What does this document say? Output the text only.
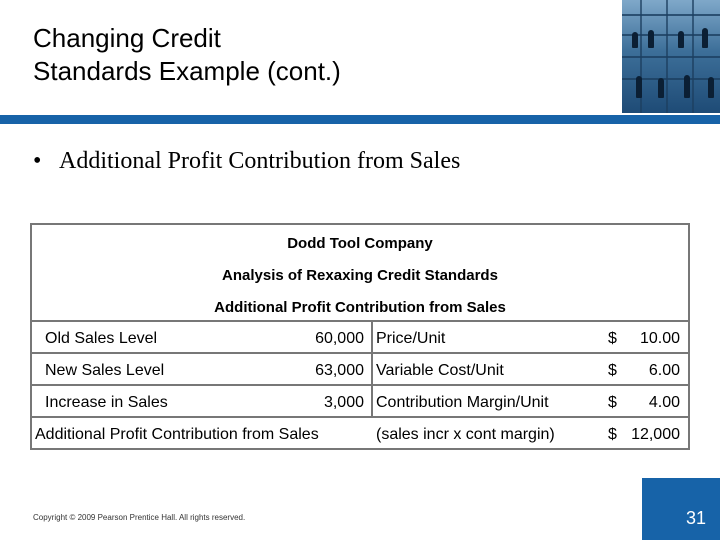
Changing Credit
Standards Example (cont.)
• Additional Profit Contribution from Sales
Dodd Tool Company
Analysis of Rexaxing Credit Standards
Additional Profit Contribution from Sales
Old Sales Level	60,000 Price/Unit	$	10.00
New Sales Level	63,000 Variable Cost/Unit	$	6.00
Increase in Sales	3,000 Contribution Margin/Unit	$	4.00
Additional Profit Contribution from Sales	(sales incr x cont margin)	$ 12,000
Copyright © 2009 Pearson Prentice Hall. All rights reserved.	31
